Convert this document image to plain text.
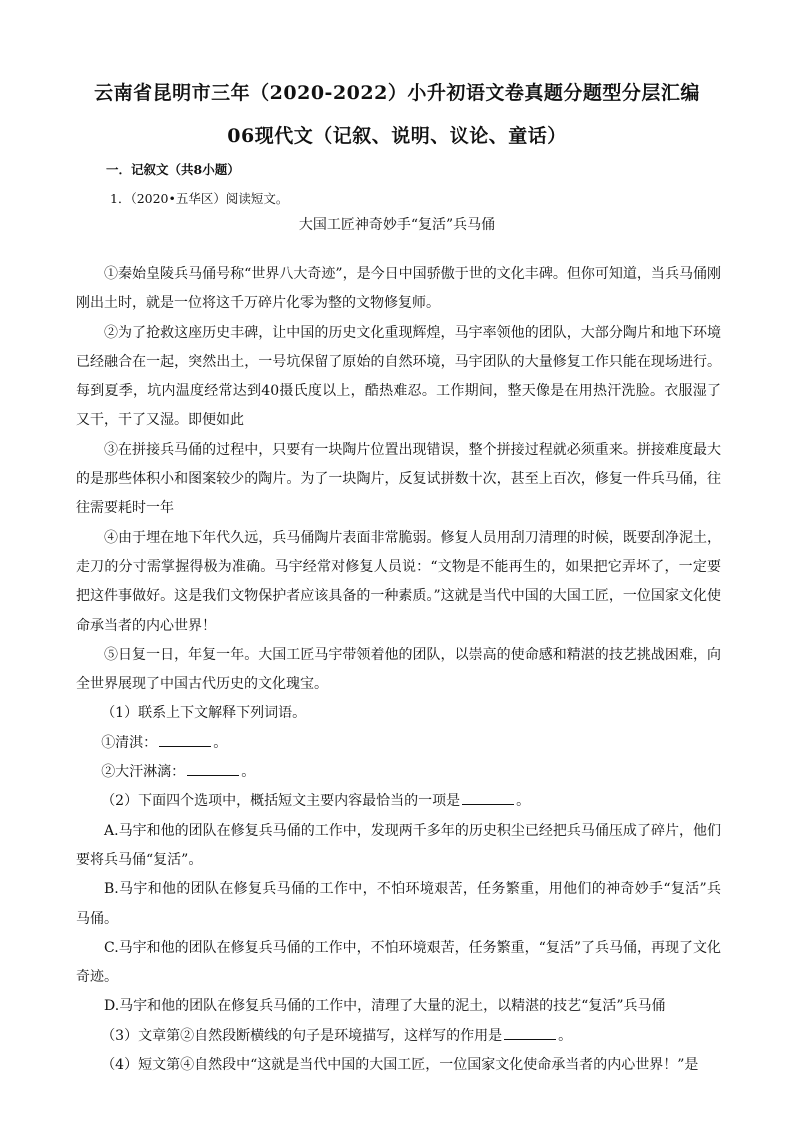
云南省昆明市三年（2020-2022）小升初语文卷真题分题型分层汇编
06现代文（记叙、说明、议论、童话）
一．记叙文（共8小题）
1．（2020•五华区）阅读短文。
大国工匠神奇妙手“复活”兵马俑

①秦始皇陵兵马俑号称“世界八大奇迹”，是今日中国骄傲于世的文化丰碑。但你可知道，当兵马俑刚刚出土时，就是一位将这千万碎片化零为整的文物修复师。

②为了抢救这座历史丰碑，让中国的历史文化重现辉煌，马宇率领他的团队，大部分陶片和地下环境已经融合在一起，突然出土，一号坑保留了原始的自然环境，马宇团队的大量修复工作只能在现场进行。每到夏季，坑内温度经常达到40摄氏度以上，酷热难忍。工作期间，整天像是在用热汗洗脸。衣服湿了又干，干了又湿。即便如此

③在拼接兵马俑的过程中，只要有一块陶片位置出现错误，整个拼接过程就必须重来。拼接难度最大的是那些体积小和图案较少的陶片。为了一块陶片，反复试拼数十次，甚至上百次，修复一件兵马俑，往往需要耗时一年

④由于埋在地下年代久远，兵马俑陶片表面非常脆弱。修复人员用刮刀清理的时候，既要刮净泥土，走刀的分寸需掌握得极为准确。马宇经常对修复人员说：“文物是不能再生的，如果把它弄坏了，一定要把这件事做好。这是我们文物保护者应该具备的一种素质。”这就是当代中国的大国工匠，一位国家文化使命承当者的内心世界！

⑤日复一日，年复一年。大国工匠马宇带领着他的团队，以崇高的使命感和精湛的技艺挑战困难，向全世界展现了中国古代历史的文化瑰宝。

（1）联系上下文解释下列词语。

①清淇：	。

②大汗淋漓：	。

（2）下面四个选项中，概括短文主要内容最恰当的一项是	。

A.马宇和他的团队在修复兵马俑的工作中，发现两千多年的历史积尘已经把兵马俑压成了碎片，他们要将兵马俑“复活”。

B.马宇和他的团队在修复兵马俑的工作中，不怕环境艰苦，任务繁重，用他们的神奇妙手“复活”兵马俑。

C.马宇和他的团队在修复兵马俑的工作中，不怕环境艰苦，任务繁重，“复活”了兵马俑，再现了文化奇迹。

D.马宇和他的团队在修复兵马俑的工作中，清理了大量的泥土，以精湛的技艺“复活”兵马俑

（3）文章第②自然段断横线的句子是环境描写，这样写的作用是	。

（4）短文第④自然段中“这就是当代中国的大国工匠，一位国家文化使命承当者的内心世界！”是
